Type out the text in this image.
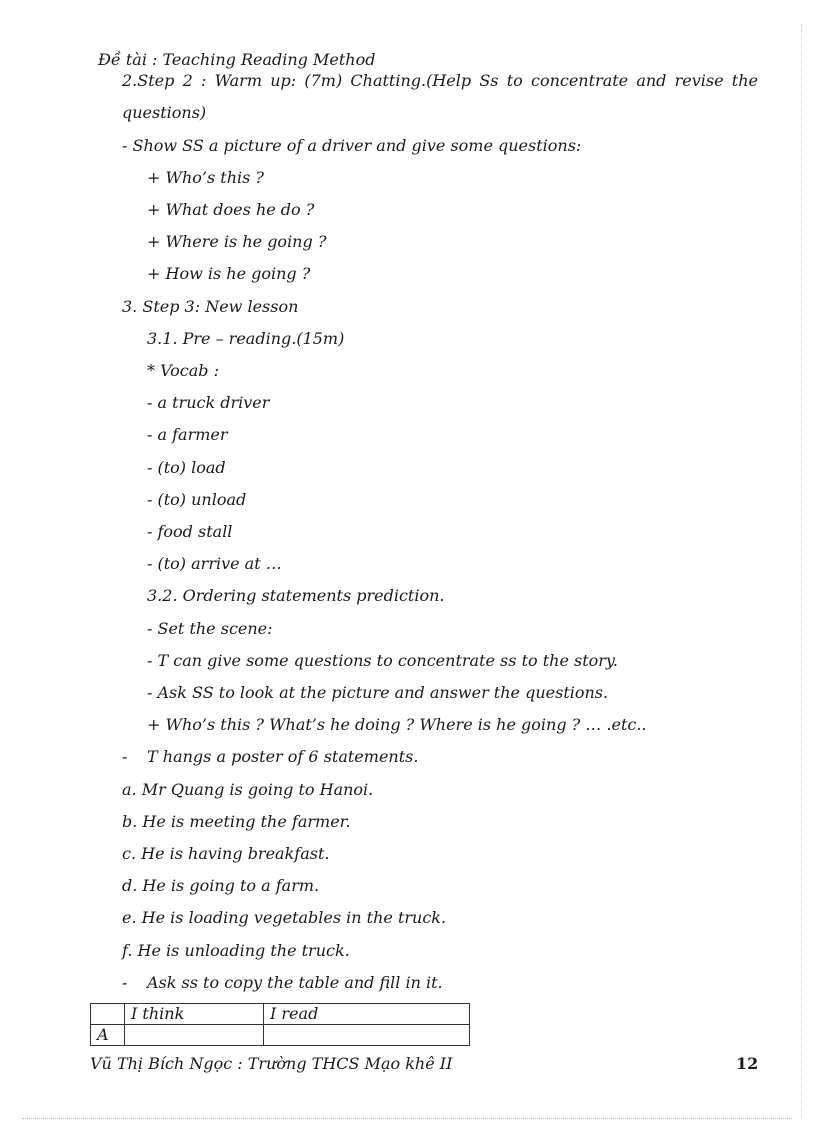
Đề tài : Teaching Reading Method
2.Step 2 : Warm up: (7m) Chatting.(Help Ss to concentrate and revise the
questions)
- Show SS a picture of a driver and give some questions:
+ Who’s this ?
+ What does he do ?
+ Where is he going ?
+ How is he going ?
3. Step 3: New lesson
3.1. Pre – reading.(15m)
* Vocab :
- a truck driver
- a farmer
- (to) load
- (to) unload
- food stall
- (to) arrive at …
3.2. Ordering statements prediction.
- Set the scene:
- T can give some questions to concentrate ss to the story.
- Ask SS to look at the picture and answer the questions.
+ Who’s this ? What’s he doing ? Where is he going ? … .etc..
- T hangs a poster of 6 statements.
a. Mr Quang is going to Hanoi.
b. He is meeting the farmer.
c. He is having breakfast.
d. He is going to a farm.
e. He is loading vegetables in the truck.
f. He is unloading the truck.
- Ask ss to copy the table and fill in it.
	I think	I read
A		
Vũ Thị Bích Ngọc : Trường THCS Mạo khê II	12
